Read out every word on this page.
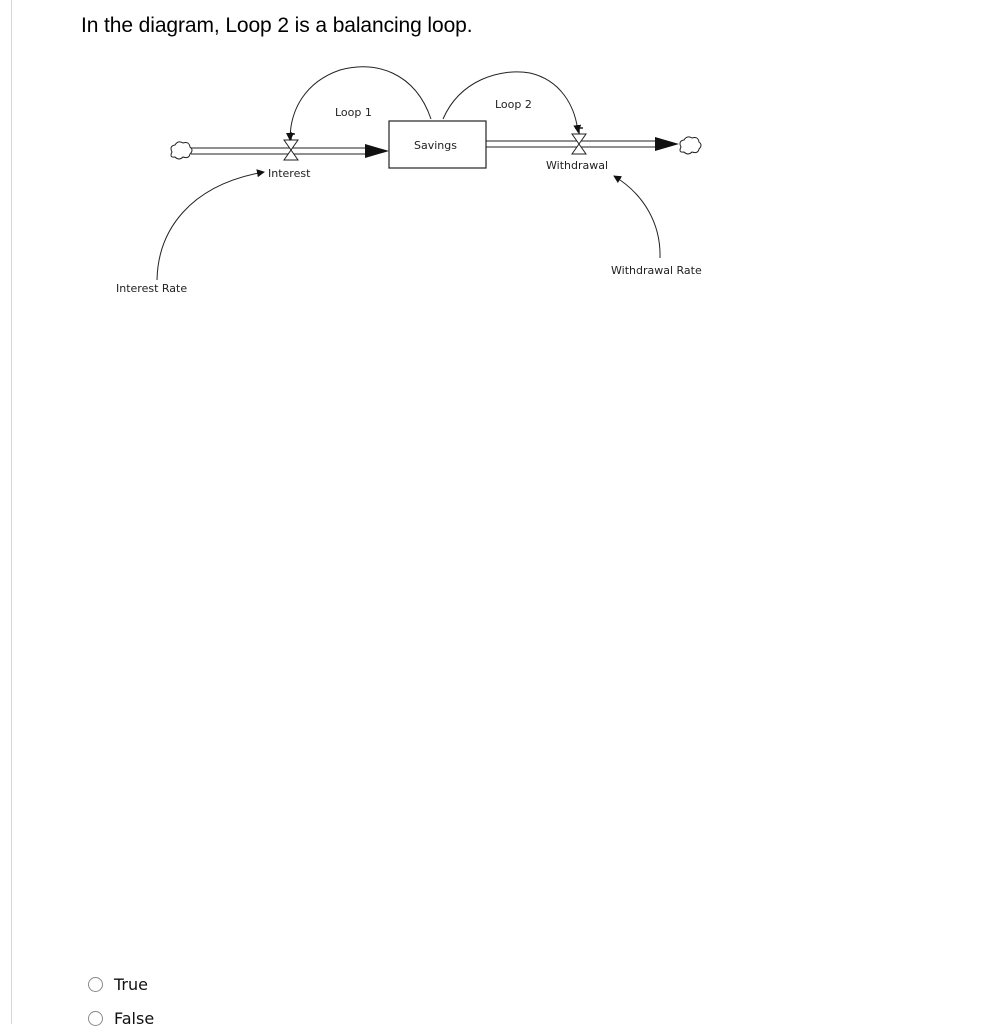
In the diagram, Loop 2 is a balancing loop.
Interest
Savings
Withdrawal
Loop 1
Loop 2
Interest Rate
Withdrawal Rate
True
False
